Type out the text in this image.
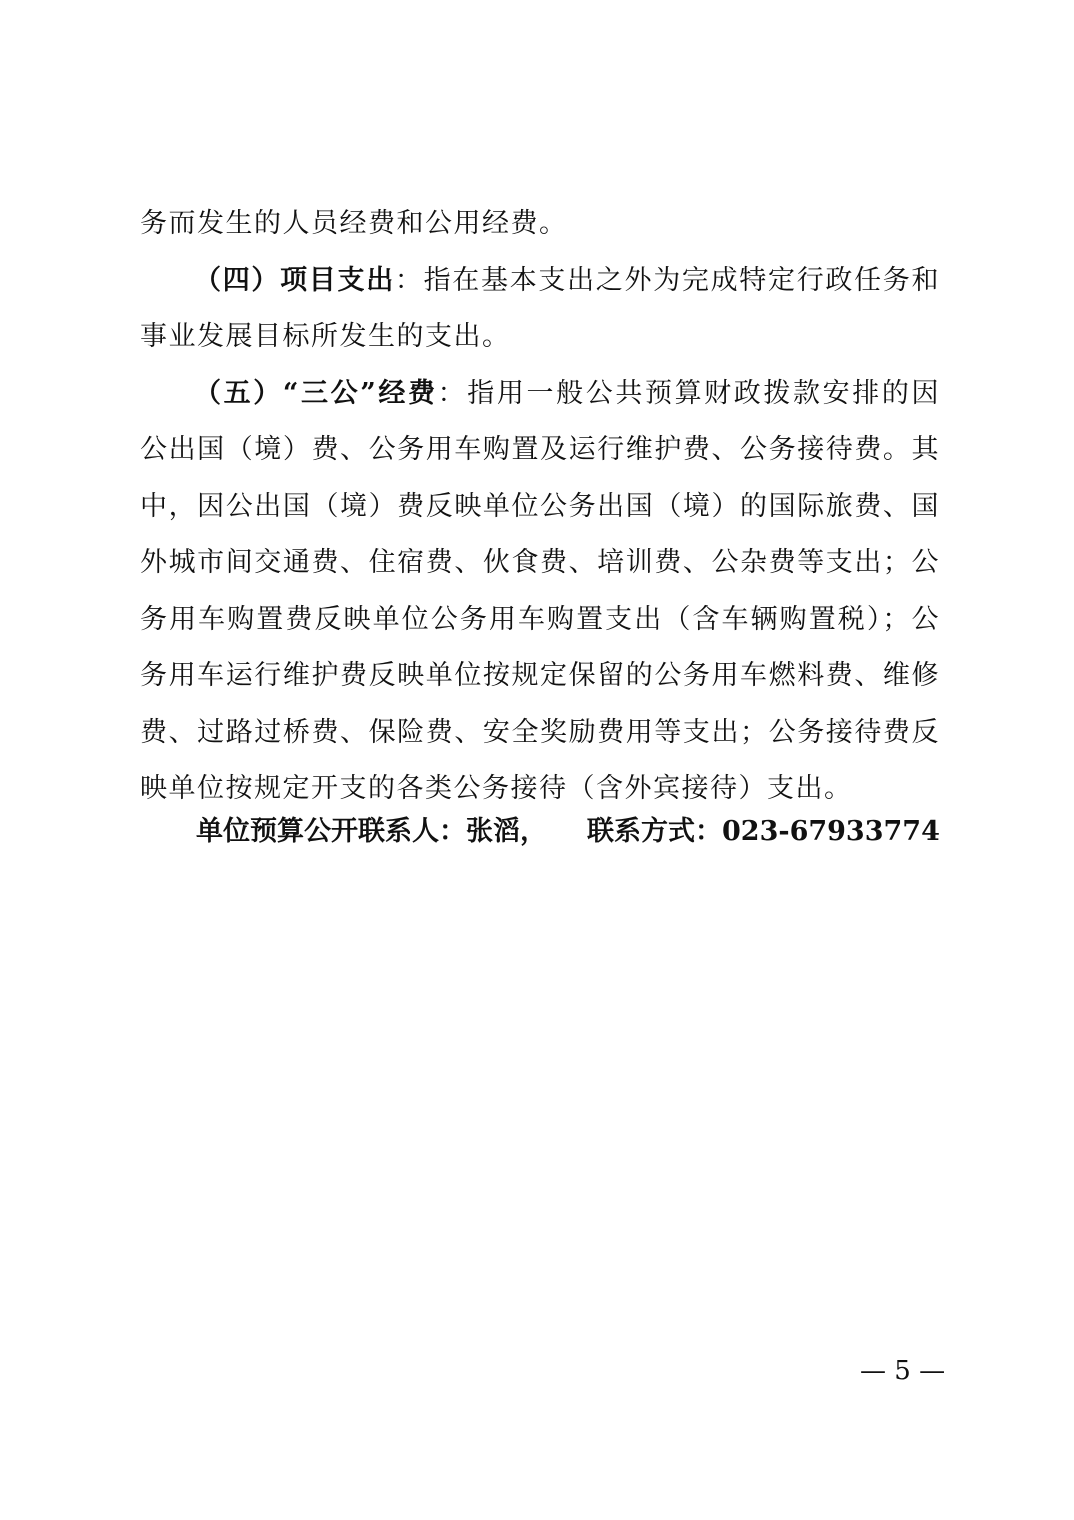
务而发生的人员经费和公用经费。

（四）项目支出：指在基本支出之外为完成特定行政任务和事业发展目标所发生的支出。

（五）“三公”经费：指用一般公共预算财政拨款安排的因公出国（境）费、公务用车购置及运行维护费、公务接待费。其中，因公出国（境）费反映单位公务出国（境）的国际旅费、国外城市间交通费、住宿费、伙食费、培训费、公杂费等支出；公务用车购置费反映单位公务用车购置支出（含车辆购置税）；公务用车运行维护费反映单位按规定保留的公务用车燃料费、维修费、过路过桥费、保险费、安全奖励费用等支出；公务接待费反映单位按规定开支的各类公务接待（含外宾接待）支出。

单位预算公开联系人：张滔， 联系方式：023-67933774
— 5 —
